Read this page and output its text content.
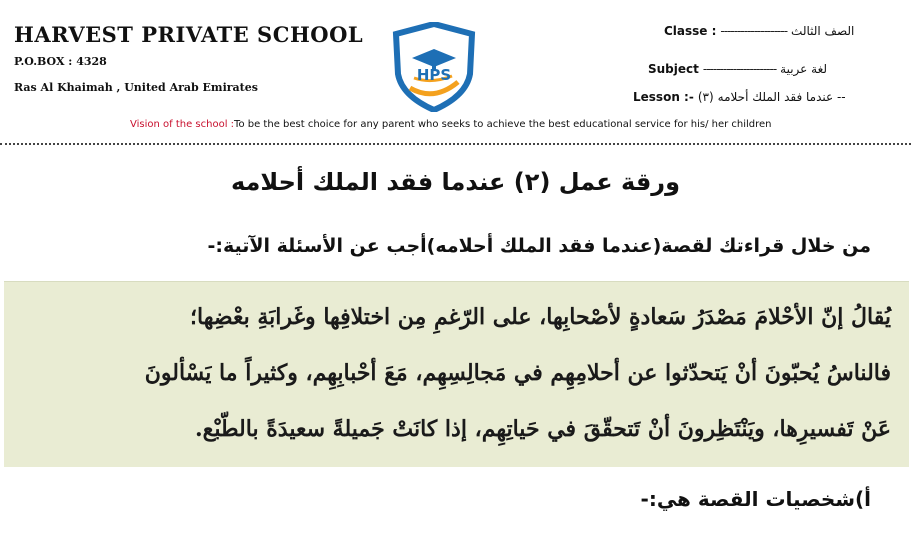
HARVEST PRIVATE SCHOOL
P.O.BOX : 4328
Ras Al Khaimah , United Arab Emirates
HPS
Classe : -------------------- الصف الثالث
Subject ---------------------- لغة عربية
Lesson :- (٣) -- عندما فقد الملك أحلامه
Vision of the school :To be the best choice for any parent who seeks to achieve the best educational service for his/ her children
ورقة عمل (٢) عندما فقد الملك أحلامه
من خلال قراءتك لقصة(عندما فقد الملك أحلامه)أجب عن الأسئلة الآتية:-
يُقالُ إنّ الأحْلامَ مَصْدَرُ سَعادةٍ لأصْحابِها، على الرّغمِ مِن اختلافِها وغَرابَةِ بعْضِها؛
فالناسُ يُحبّونَ أنْ يَتحدّثوا عن أحلامِهِم في مَجالِسِهِم، مَعَ أحْبابِهِم، وكثيراً ما يَسْألونَ
عَنْ تَفسيرِها، ويَنْتَظِرونَ أنْ تَتحقّقَ في حَياتِهِم، إذا كانَتْ جَميلةً سعيدَةً بالطّبْع.
أ)شخصيات القصة هي:-
